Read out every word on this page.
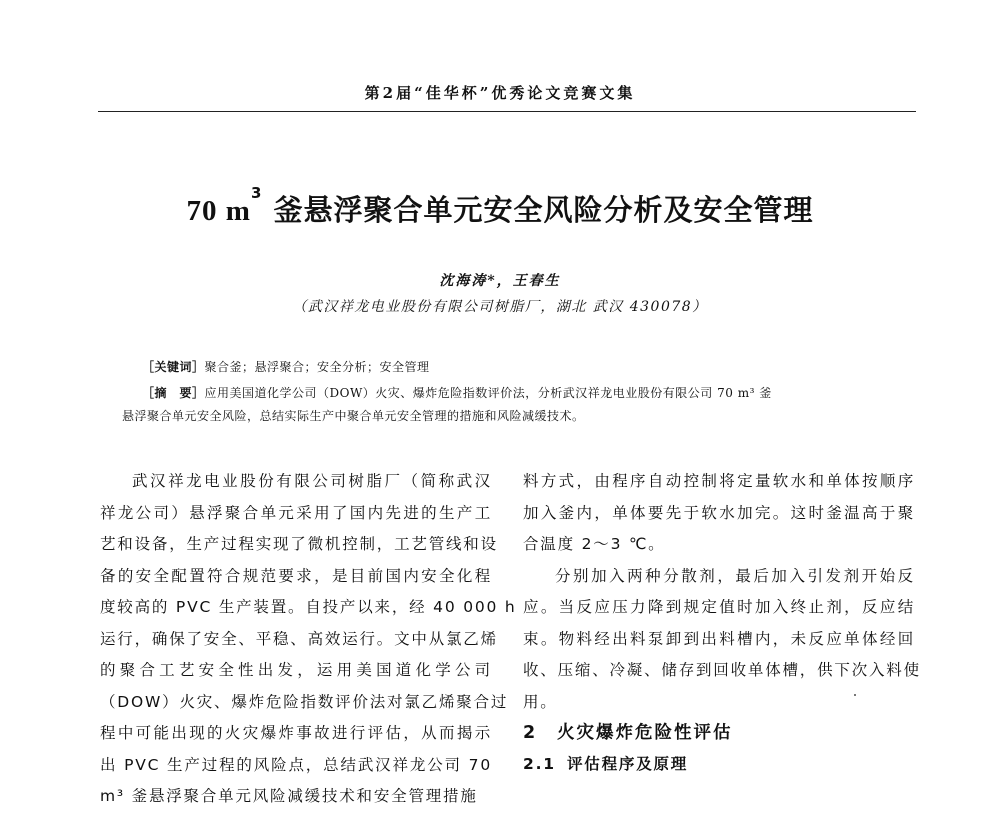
第2届“佳华杯”优秀论文竞赛文集
70 $m^3$ 釜悬浮聚合单元安全风险分析及安全管理
沈海涛*，王春生
（武汉祥龙电业股份有限公司树脂厂，湖北 武汉 430078）
［关键词］聚合釜；悬浮聚合；安全分析；安全管理
［摘　要］应用美国道化学公司（DOW）火灾、爆炸危险指数评价法，分析武汉祥龙电业股份有限公司 70 m³ 釜
悬浮聚合单元安全风险，总结实际生产中聚合单元安全管理的措施和风险减缓技术。
武汉祥龙电业股份有限公司树脂厂（简称武汉
祥龙公司）悬浮聚合单元采用了国内先进的生产工
艺和设备，生产过程实现了微机控制，工艺管线和设
备的安全配置符合规范要求，是目前国内安全化程
度较高的 PVC 生产装置。自投产以来，经 40 000 h
运行，确保了安全、平稳、高效运行。文中从氯乙烯
的聚合工艺安全性出发，运用美国道化学公司
（DOW）火灾、爆炸危险指数评价法对氯乙烯聚合过
程中可能出现的火灾爆炸事故进行评估，从而揭示
出 PVC 生产过程的风险点，总结武汉祥龙公司 70
m³ 釜悬浮聚合单元风险减缓技术和安全管理措施
料方式，由程序自动控制将定量软水和单体按顺序
加入釜内，单体要先于软水加完。这时釜温高于聚
合温度 2～3 ℃。
分别加入两种分散剂，最后加入引发剂开始反
应。当反应压力降到规定值时加入终止剂，反应结
束。物料经出料泵卸到出料槽内，未反应单体经回
收、压缩、冷凝、储存到回收单体槽，供下次入料使
用。
2 火灾爆炸危险性评估
2.1 评估程序及原理
